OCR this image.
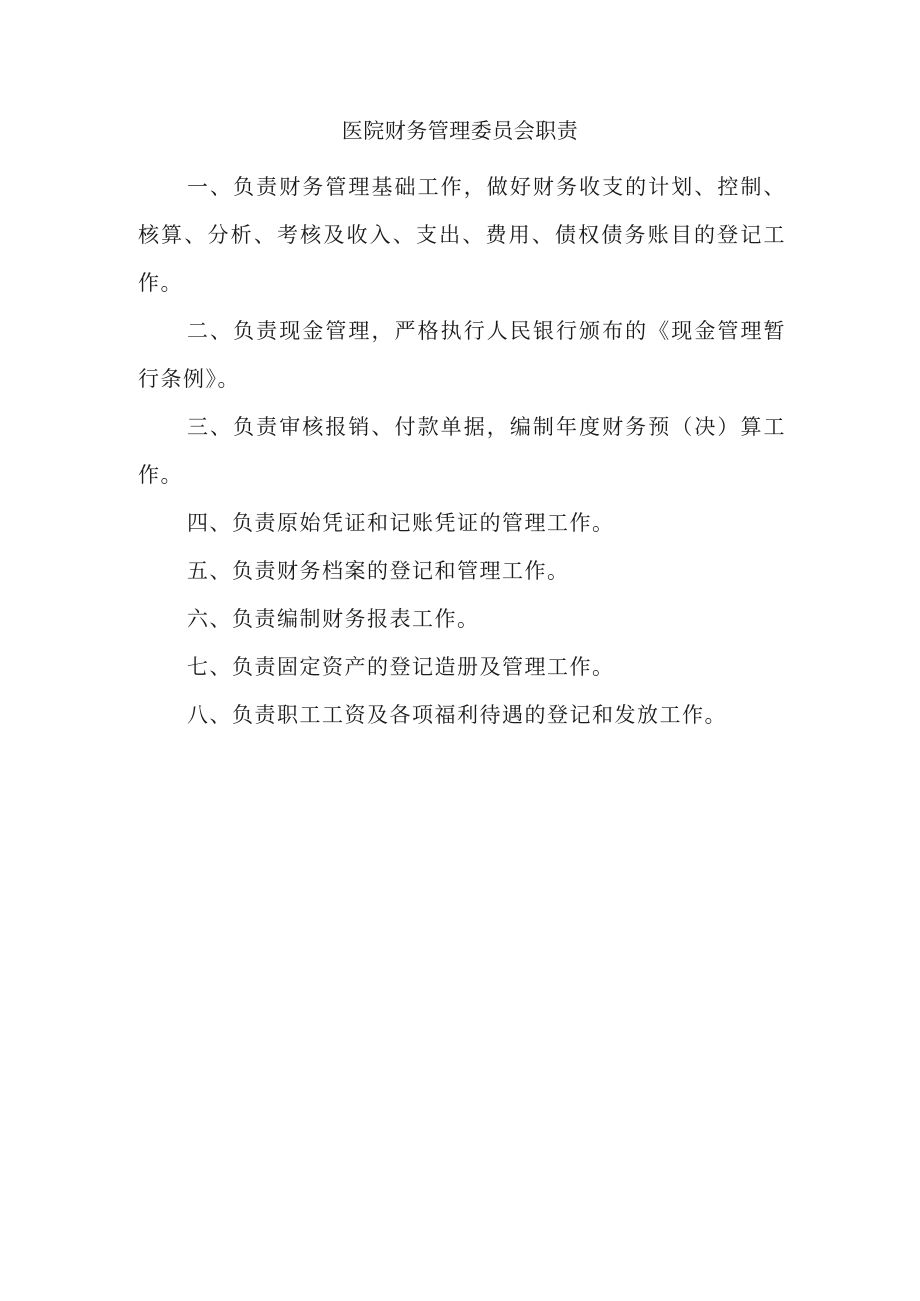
医院财务管理委员会职责

一、负责财务管理基础工作，做好财务收支的计划、控制、核算、分析、考核及收入、支出、费用、债权债务账目的登记工作。

二、负责现金管理，严格执行人民银行颁布的《现金管理暂行条例》。

三、负责审核报销、付款单据，编制年度财务预（决）算工作。

四、负责原始凭证和记账凭证的管理工作。

五、负责财务档案的登记和管理工作。

六、负责编制财务报表工作。

七、负责固定资产的登记造册及管理工作。

八、负责职工工资及各项福利待遇的登记和发放工作。
